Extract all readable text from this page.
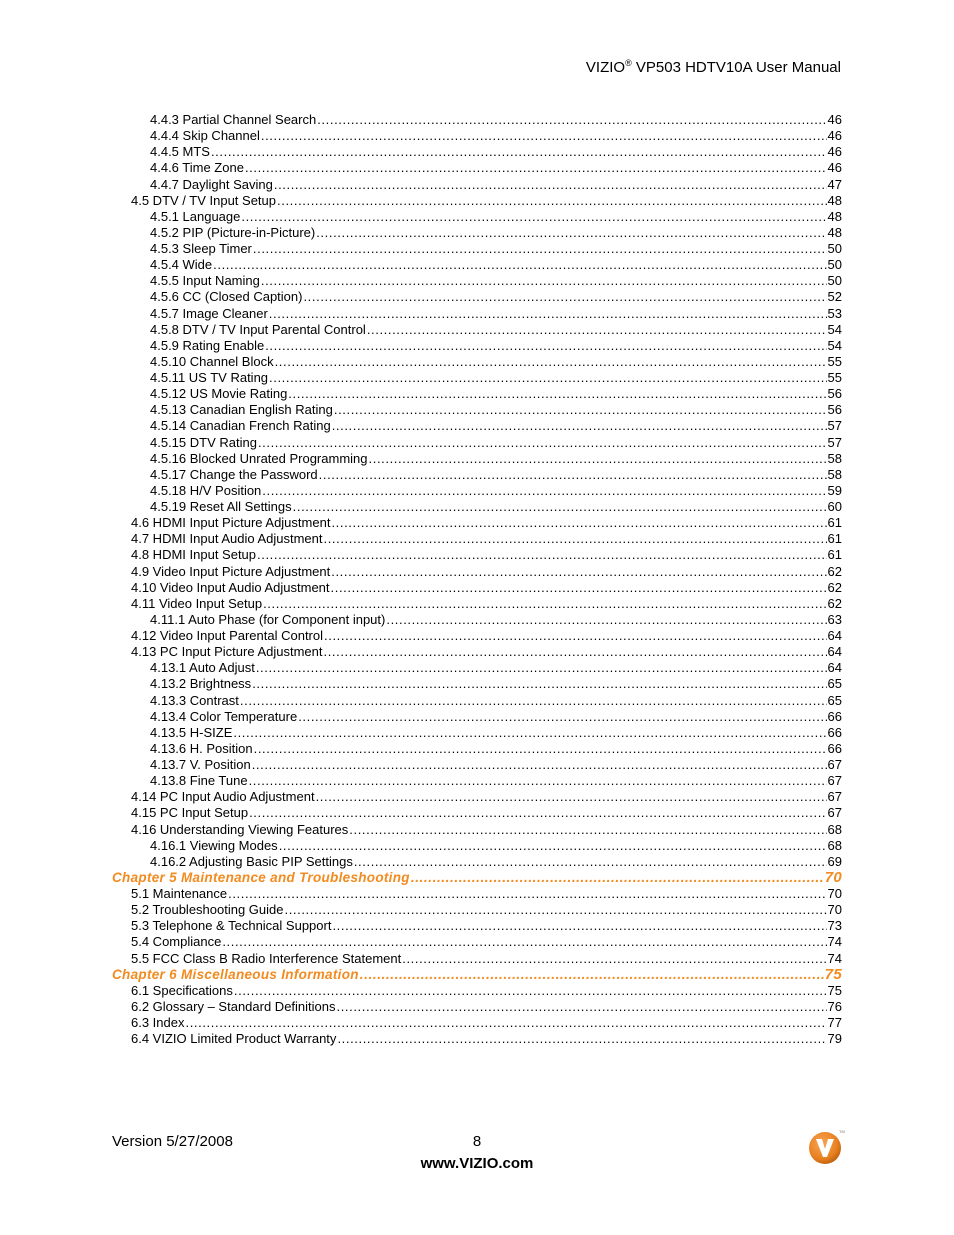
VIZIO® VP503 HDTV10A User Manual
4.4.3 Partial Channel Search .....	46
4.4.4 Skip Channel .....	46
4.4.5 MTS .....	46
4.4.6 Time Zone .....	46
4.4.7 Daylight Saving .....	47
4.5 DTV / TV Input Setup .....	48
4.5.1 Language .....	48
4.5.2 PIP (Picture-in-Picture) .....	48
4.5.3 Sleep Timer .....	50
4.5.4 Wide .....	50
4.5.5 Input Naming .....	50
4.5.6 CC (Closed Caption) .....	52
4.5.7 Image Cleaner .....	53
4.5.8 DTV / TV Input Parental Control .....	54
4.5.9 Rating Enable .....	54
4.5.10 Channel Block .....	55
4.5.11 US TV Rating .....	55
4.5.12 US Movie Rating .....	56
4.5.13 Canadian English Rating .....	56
4.5.14 Canadian French Rating .....	57
4.5.15 DTV Rating .....	57
4.5.16 Blocked Unrated Programming .....	58
4.5.17 Change the Password .....	58
4.5.18 H/V Position .....	59
4.5.19 Reset All Settings .....	60
4.6 HDMI Input Picture Adjustment .....	61
4.7 HDMI Input Audio Adjustment .....	61
4.8 HDMI Input Setup .....	61
4.9 Video Input Picture Adjustment .....	62
4.10 Video Input Audio Adjustment .....	62
4.11 Video Input Setup .....	62
4.11.1 Auto Phase (for Component input) .....	63
4.12 Video Input Parental Control .....	64
4.13 PC Input Picture Adjustment .....	64
4.13.1 Auto Adjust .....	64
4.13.2 Brightness .....	65
4.13.3 Contrast .....	65
4.13.4 Color Temperature .....	66
4.13.5 H-SIZE .....	66
4.13.6 H. Position .....	66
4.13.7 V. Position .....	67
4.13.8 Fine Tune .....	67
4.14 PC Input Audio Adjustment .....	67
4.15 PC Input Setup .....	67
4.16 Understanding Viewing Features .....	68
4.16.1 Viewing Modes .....	68
4.16.2 Adjusting Basic PIP Settings .....	69
Chapter 5 Maintenance and Troubleshooting .....	70
5.1 Maintenance .....	70
5.2 Troubleshooting Guide .....	70
5.3 Telephone & Technical Support .....	73
5.4 Compliance .....	74
5.5 FCC Class B Radio Interference Statement .....	74
Chapter 6 Miscellaneous Information .....	75
6.1 Specifications .....	75
6.2 Glossary – Standard Definitions .....	76
6.3 Index .....	77
6.4 VIZIO Limited Product Warranty .....	79
Version 5/27/2008	8
www.VIZIO.com
TM
